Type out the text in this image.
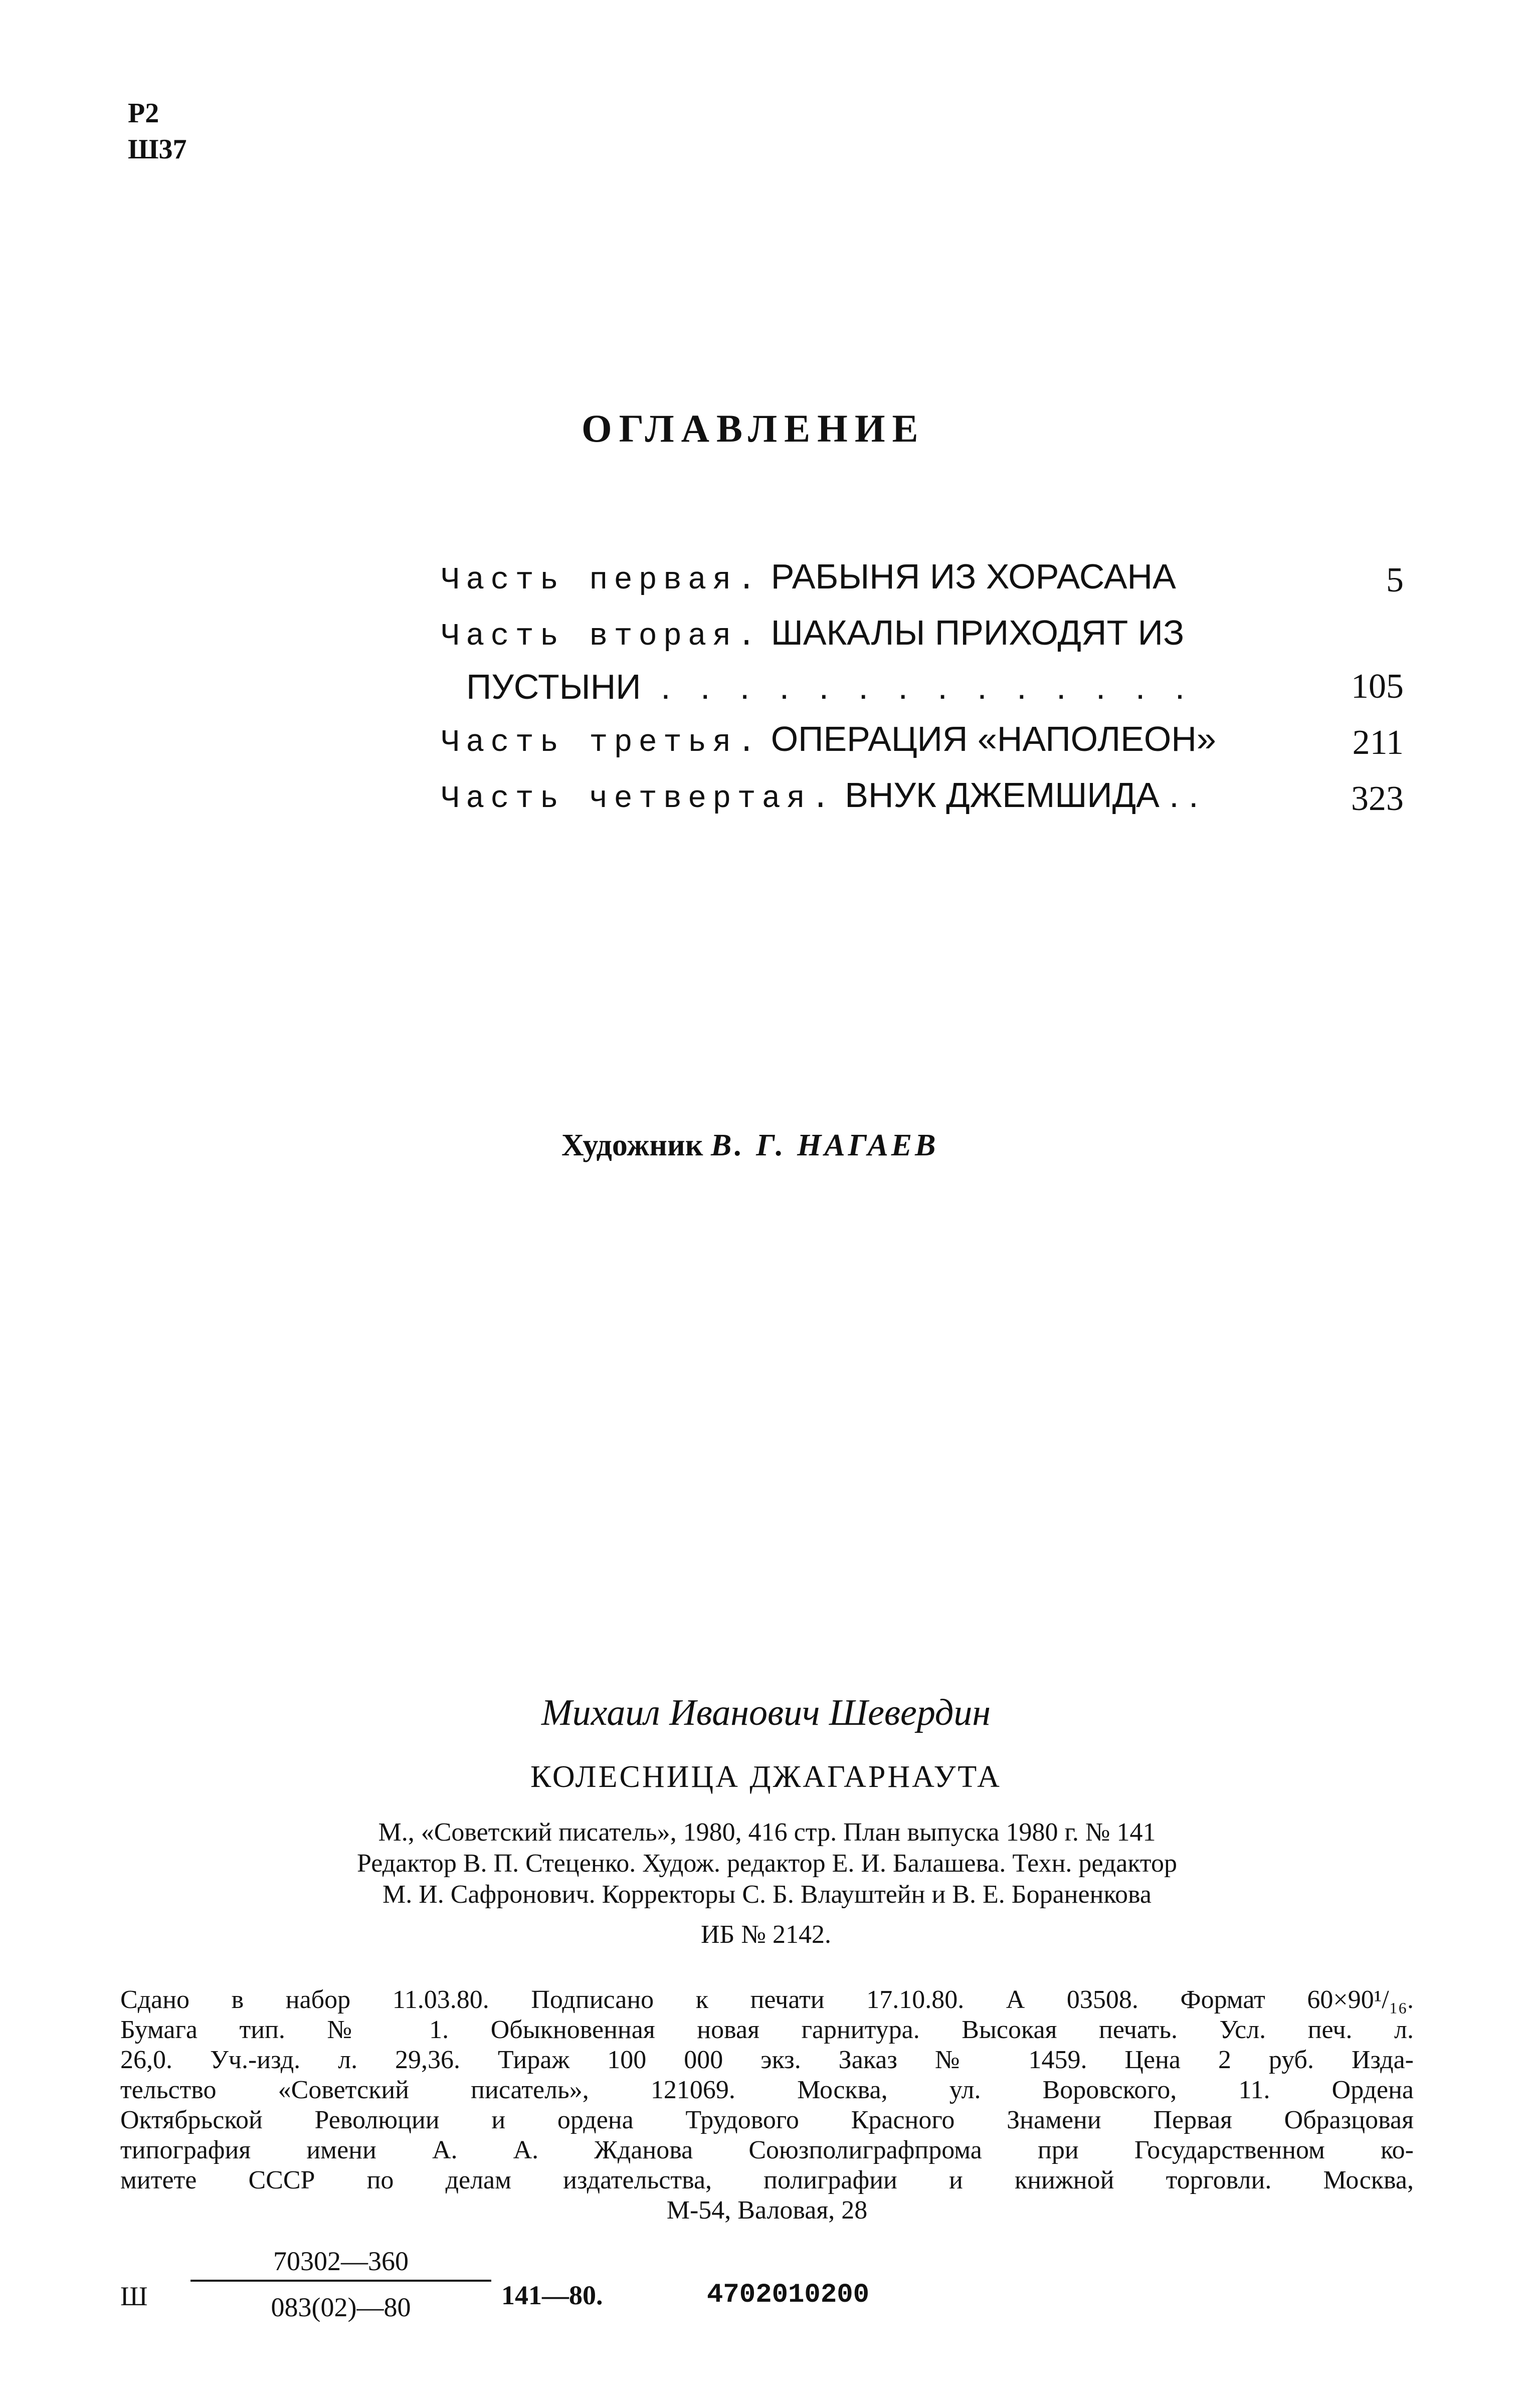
Р2
Ш37
ОГЛАВЛЕНИЕ
Часть первая. РАБЫНЯ ИЗ ХОРАСАНА	5
Часть вторая. ШАКАЛЫ ПРИХОДЯТ ИЗ
ПУСТЫНИ . . . . . . . . . . . . . .	105
Часть третья. ОПЕРАЦИЯ «НАПОЛЕОН»	211
Часть четвертая. ВНУК ДЖЕМШИДА . .	323
Художник В. Г. НАГАЕВ
Михаил Иванович Шевердин
КОЛЕСНИЦА ДЖАГАРНАУТА
М., «Советский писатель», 1980, 416 стр. План выпуска 1980 г. № 141
Редактор В. П. Стеценко. Худож. редактор Е. И. Балашева. Техн. редактор
М. И. Сафронович. Корректоры С. Б. Влауштейн и В. Е. Бораненкова
ИБ № 2142.
Сдано в набор 11.03.80. Подписано к печати 17.10.80. А 03508. Формат 60×90¹/₁₆.
Бумага тип. № 1. Обыкновенная новая гарнитура. Высокая печать. Усл. печ. л.
26,0. Уч.-изд. л. 29,36. Тираж 100 000 экз. Заказ № 1459. Цена 2 руб. Изда-
тельство «Советский писатель», 121069. Москва, ул. Воровского, 11. Ордена
Октябрьской Революции и ордена Трудового Красного Знамени Первая Образцовая
типография имени А. А. Жданова Союзполиграфпрома при Государственном ко-
митете СССР по делам издательства, полиграфии и книжной торговли. Москва,
М-54, Валовая, 28
Ш
70302—360
083(02)—80	141—80.	4702010200
